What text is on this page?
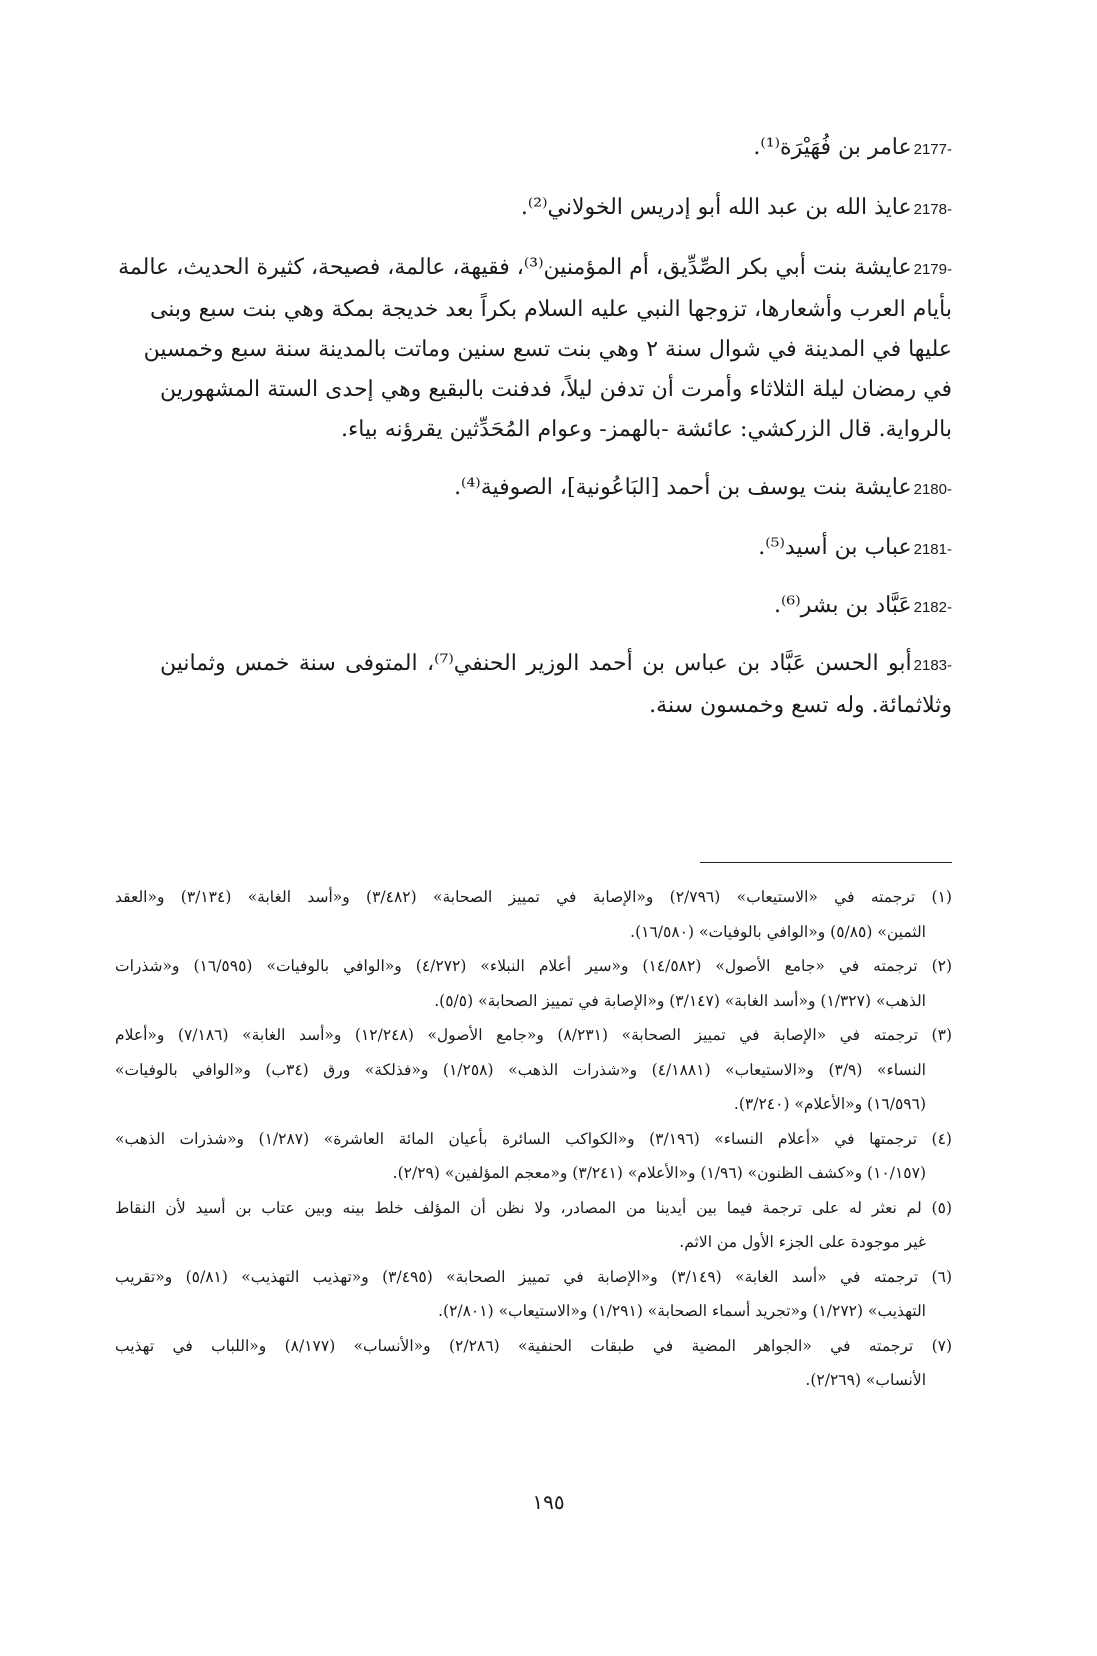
2177-عامر بن فُهَيْرَة⁽¹⁾.
2178-عايذ الله بن عبد الله أبو إدريس الخولاني⁽²⁾.
2179-عايشة بنت أبي بكر الصِّدِّيق، أم المؤمنين⁽³⁾، فقيهة، عالمة، فصيحة، كثيرة الحديث، عالمة
بأيام العرب وأشعارها، تزوجها النبي عليه السلام بكراً بعد خديجة بمكة وهي بنت سبع وبنى
عليها في المدينة في شوال سنة ٢ وهي بنت تسع سنين وماتت بالمدينة سنة سبع وخمسين
في رمضان ليلة الثلاثاء وأمرت أن تدفن ليلاً، فدفنت بالبقيع وهي إحدى الستة المشهورين
بالرواية. قال الزركشي: عائشة -بالهمز- وعوام المُحَدِّثين يقرؤنه بياء.
2180-عايشة بنت يوسف بن أحمد [البَاعُونية]، الصوفية⁽⁴⁾.
2181-عباب بن أسيد⁽⁵⁾.
2182-عَبَّاد بن بشر⁽⁶⁾.
2183-أبو الحسن عَبَّاد بن عباس بن أحمد الوزير الحنفي⁽⁷⁾، المتوفى سنة خمس وثمانين
وثلاثمائة. وله تسع وخمسون سنة.
(١) ترجمته في «الاستيعاب» (٢/٧٩٦) و«الإصابة في تمييز الصحابة» (٣/٤٨٢) و«أسد الغابة» (٣/١٣٤) و«العقد
الثمين» (٥/٨٥) و«الوافي بالوفيات» (١٦/٥٨٠).
(٢) ترجمته في «جامع الأصول» (١٤/٥٨٢) و«سير أعلام النبلاء» (٤/٢٧٢) و«الوافي بالوفيات» (١٦/٥٩٥) و«شذرات
الذهب» (١/٣٢٧) و«أسد الغابة» (٣/١٤٧) و«الإصابة في تمييز الصحابة» (٥/٥).
(٣) ترجمته في «الإصابة في تمييز الصحابة» (٨/٢٣١) و«جامع الأصول» (١٢/٢٤٨) و«أسد الغابة» (٧/١٨٦) و«أعلام
النساء» (٣/٩) و«الاستيعاب» (٤/١٨٨١) و«شذرات الذهب» (١/٢٥٨) و«فذلكة» ورق (٣٤ب) و«الوافي بالوفيات»
(١٦/٥٩٦) و«الأعلام» (٣/٢٤٠).
(٤) ترجمتها في «أعلام النساء» (٣/١٩٦) و«الكواكب السائرة بأعيان المائة العاشرة» (١/٢٨٧) و«شذرات الذهب»
(١٠/١٥٧) و«كشف الظنون» (١/٩٦) و«الأعلام» (٣/٢٤١) و«معجم المؤلفين» (٢/٢٩).
(٥) لم نعثر له على ترجمة فيما بين أيدينا من المصادر، ولا نظن أن المؤلف خلط بينه وبين عتاب بن أسيد لأن النقاط
غير موجودة على الجزء الأول من الاثم.
(٦) ترجمته في «أسد الغابة» (٣/١٤٩) و«الإصابة في تمييز الصحابة» (٣/٤٩٥) و«تهذيب التهذيب» (٥/٨١) و«تقريب
التهذيب» (١/٢٧٢) و«تجريد أسماء الصحابة» (١/٢٩١) و«الاستيعاب» (٢/٨٠١).
(٧) ترجمته في «الجواهر المضية في طبقات الحنفية» (٢/٢٨٦) و«الأنساب» (٨/١٧٧) و«اللباب في تهذيب
الأنساب» (٢/٢٦٩).
١٩٥
